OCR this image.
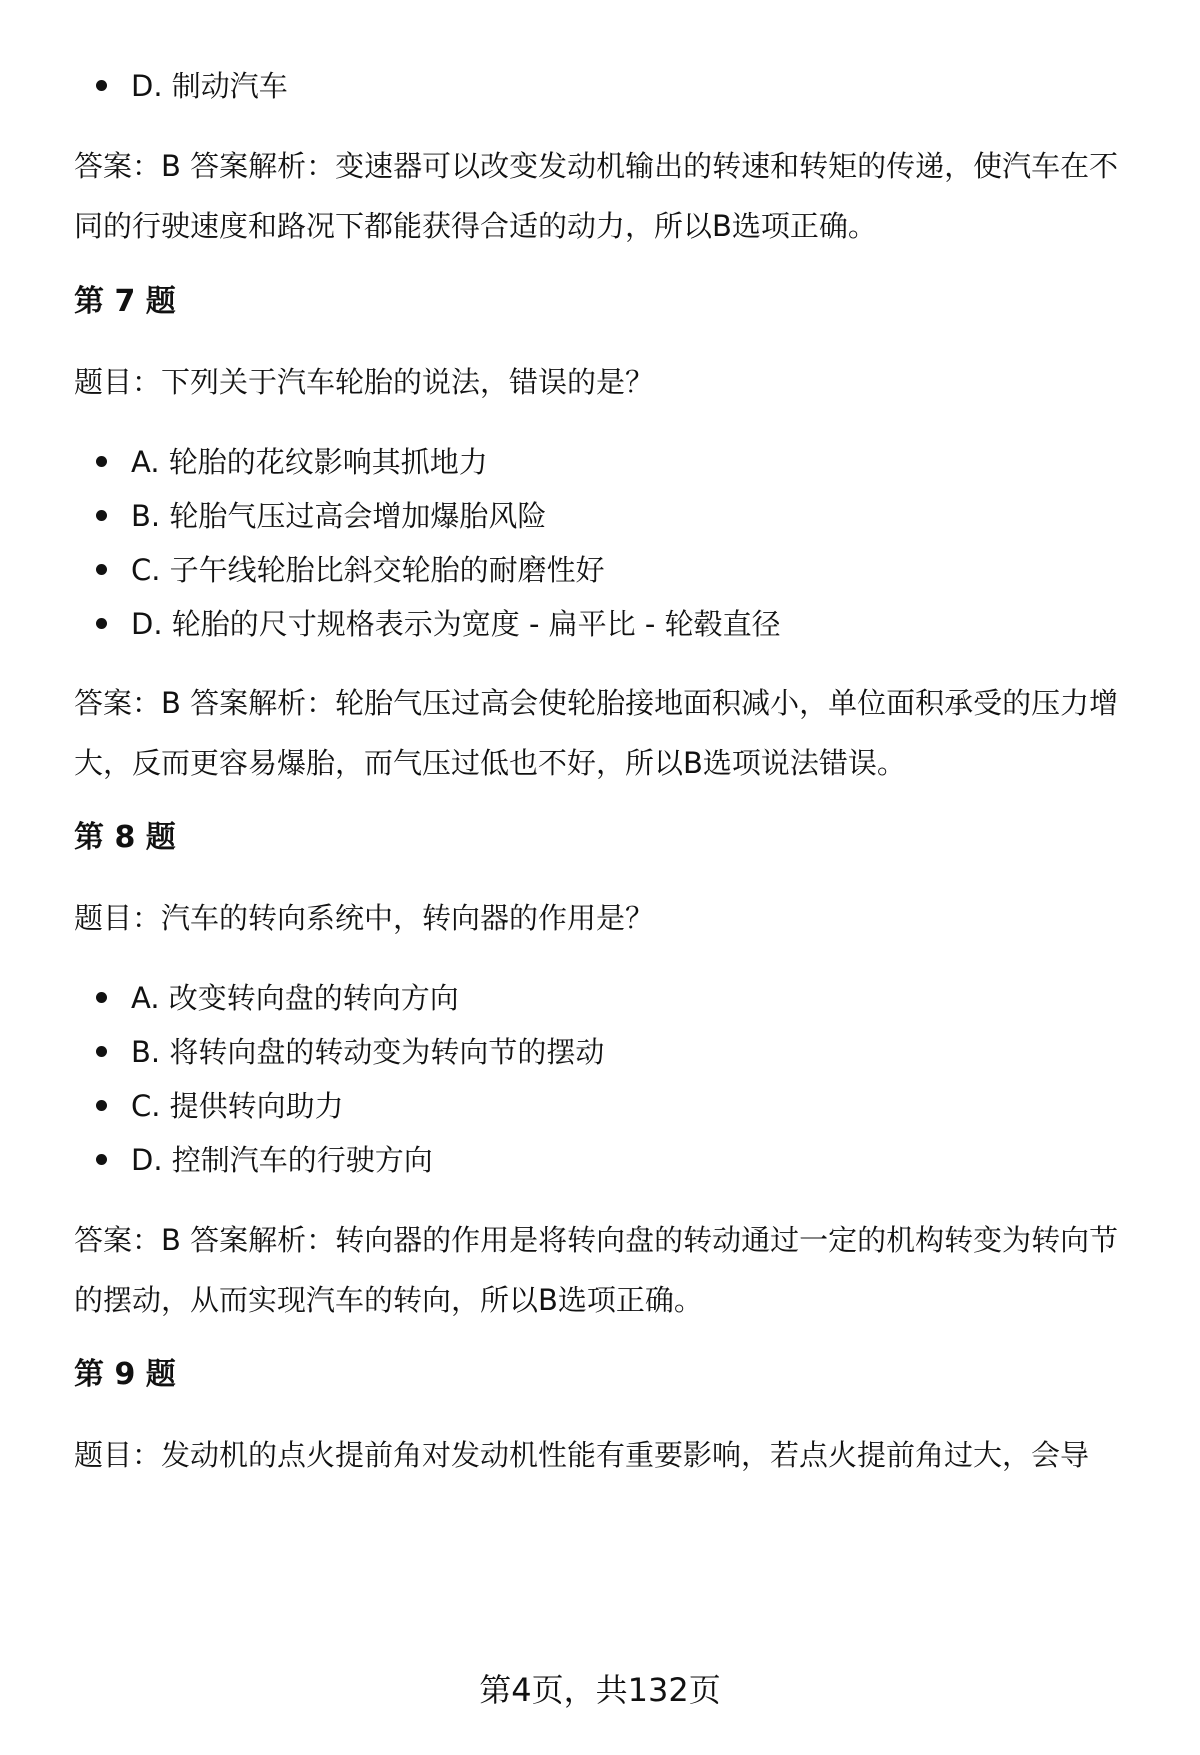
D. 制动汽车

答案：B 答案解析：变速器可以改变发动机输出的转速和转矩的传递，使汽车在不同的行驶速度和路况下都能获得合适的动力，所以B选项正确。

第 7 题

题目：下列关于汽车轮胎的说法，错误的是？

A. 轮胎的花纹影响其抓地力

B. 轮胎气压过高会增加爆胎风险

C. 子午线轮胎比斜交轮胎的耐磨性好

D. 轮胎的尺寸规格表示为宽度 - 扁平比 - 轮毂直径

答案：B 答案解析：轮胎气压过高会使轮胎接地面积减小，单位面积承受的压力增大，反而更容易爆胎，而气压过低也不好，所以B选项说法错误。

第 8 题

题目：汽车的转向系统中，转向器的作用是？

A. 改变转向盘的转向方向

B. 将转向盘的转动变为转向节的摆动

C. 提供转向助力

D. 控制汽车的行驶方向

答案：B 答案解析：转向器的作用是将转向盘的转动通过一定的机构转变为转向节的摆动，从而实现汽车的转向，所以B选项正确。

第 9 题

题目：发动机的点火提前角对发动机性能有重要影响，若点火提前角过大，会导

第4页，共132页
